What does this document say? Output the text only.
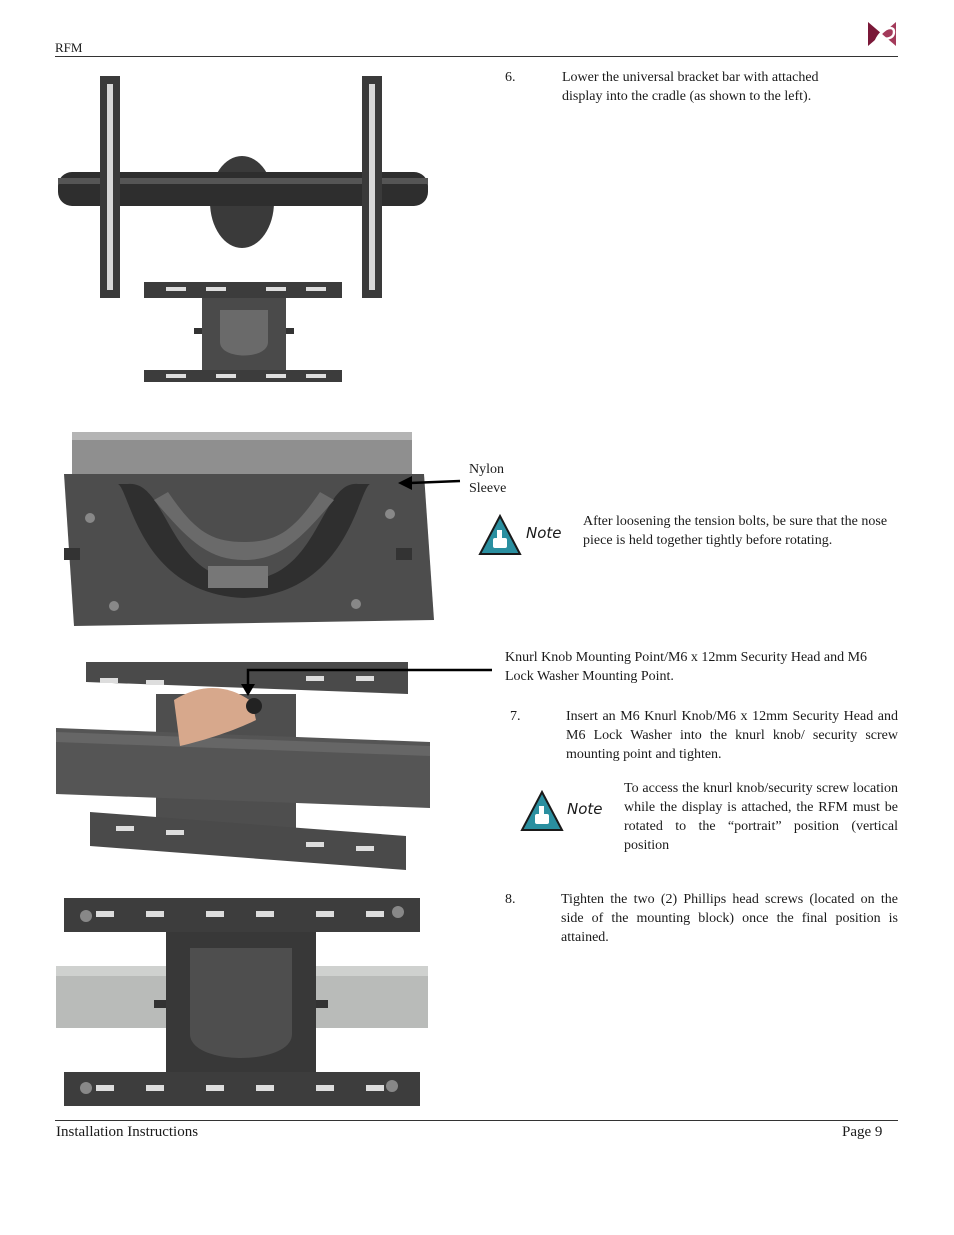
RFM
6.	Lower the universal bracket bar with attached display into the cradle (as shown to the left).
Nylon
Sleeve
Note
After loosening the tension bolts, be sure that the nose piece is held together tightly before rotating.
Knurl Knob Mounting Point/M6 x 12mm Security Head and M6 Lock Washer Mounting Point.
7.	Insert an M6 Knurl Knob/M6 x 12mm Security Head and M6 Lock Washer into the knurl knob/ security screw mounting point and tighten.
Note
To access the knurl knob/security screw location while the display is attached, the RFM must be rotated to the “portrait” position (vertical position
8.	Tighten the two (2) Phillips head screws (located on the side of the mounting block) once the final position is attained.
Installation Instructions	Page 9
